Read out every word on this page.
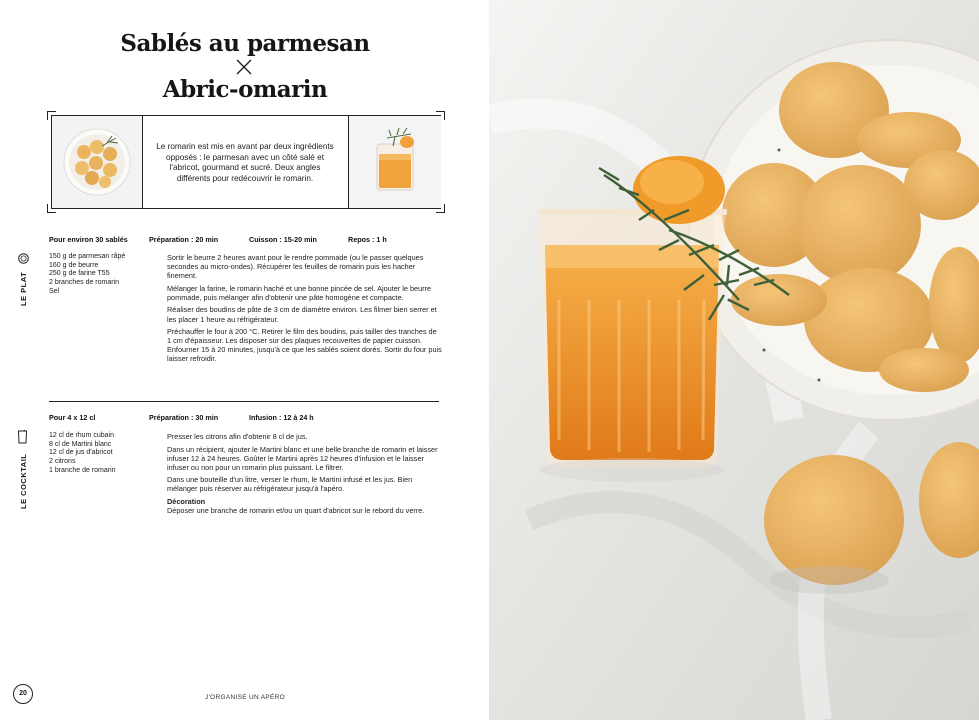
Sablés au parmesan
Abric-omarin
Le romarin est mis en avant par deux ingrédients opposés : le parmesan avec un côté salé et l'abricot, gourmand et sucré. Deux angles différents pour redécouvrir le romarin.
LE PLAT
Pour environ 30 sablés	Préparation : 20 min	Cuisson : 15-20 min	Repos : 1 h
150 g de parmesan râpé
160 g de beurre
250 g de farine T55
2 branches de romarin
Sel

Sortir le beurre 2 heures avant pour le rendre pommade (ou le passer quelques secondes au micro-ondes). Récupérer les feuilles de romarin puis les hacher finement.

Mélanger la farine, le romarin haché et une bonne pincée de sel. Ajouter le beurre pommade, puis mélanger afin d'obtenir une pâte homogène et compacte.

Réaliser des boudins de pâte de 3 cm de diamètre environ. Les filmer bien serrer et les placer 1 heure au réfrigérateur.

Préchauffer le four à 200 °C. Retirer le film des boudins, puis tailler des tranches de 1 cm d'épaisseur. Les disposer sur des plaques recouvertes de papier cuisson. Enfourner 15 à 20 minutes, jusqu'à ce que les sablés soient dorés. Sortir du four puis laisser refroidir.

LE COCKTAIL
Pour 4 x 12 cl	Préparation : 30 min	Infusion : 12 à 24 h
12 cl de rhum cubain
8 cl de Martini blanc
12 cl de jus d'abricot
2 citrons
1 branche de romarin

Presser les citrons afin d'obtenir 8 cl de jus.

Dans un récipient, ajouter le Martini blanc et une belle branche de romarin et laisser infuser 12 à 24 heures. Goûter le Martini après 12 heures d'infusion et le laisser infuser ou non pour un romarin plus puissant. Le filtrer.

Dans une bouteille d'un litre, verser le rhum, le Martini infusé et les jus. Bien mélanger puis réserver au réfrigérateur jusqu'à l'apéro.

Décoration

Déposer une branche de romarin et/ou un quart d'abricot sur le rebord du verre.

20
J'ORGANISE UN APÉRO
